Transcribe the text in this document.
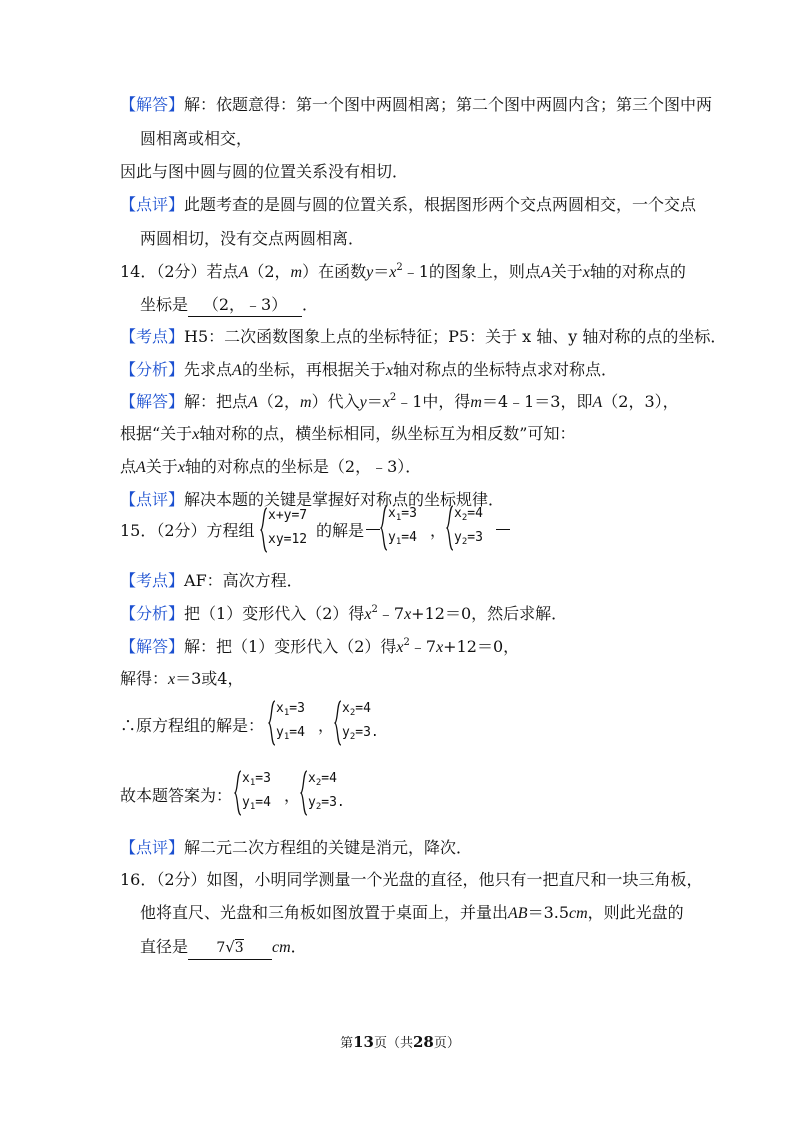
【解答】解：依题意得：第一个图中两圆相离；第二个图中两圆内含；第三个图中两
圆相离或相交，
因此与图中圆与圆的位置关系没有相切．
【点评】此题考查的是圆与圆的位置关系，根据图形两个交点两圆相交，一个交点
两圆相切，没有交点两圆相离．
14．（2分）若点A（2，m）在函数$y=x^2﹣1$的图象上，则点A关于x轴的对称点的
坐标是 （2，﹣3） ．
【考点】H5：二次函数图象上点的坐标特征；P5：关于 x 轴、y 轴对称的点的坐标．
【分析】先求点A的坐标，再根据关于x轴对称点的坐标特点求对称点．
【解答】解：把点A（2，m）代入$y=x^2﹣1$中，得m＝4﹣1＝3，即A（2，3），
根据“关于x轴对称的点，横坐标相同，纵坐标互为相反数”可知：
点A关于x轴的对称点的坐标是（2，﹣3）．
【点评】解决本题的关键是掌握好对称点的坐标规律．
15．（2分）方程组
x+y=7
xy=12 的解是
$x_1=3$
$y_1=4$ ，
$x_2=4$
$y_2=3$
【考点】AF：高次方程．
【分析】把（1）变形代入（2）得$x^2﹣7x+12=0$，然后求解．
【解答】解：把（1）变形代入（2）得$x^2﹣7x+12=0$，
解得：x＝3或4，
∴原方程组的解是：
$x_1=3$
$y_1=4$ ，
$x_2=4$
$y_2=3$.
故本题答案为：
$x_1=3$
$y_1=4$ ，
$x_2=4$
$y_2=3$.
【点评】解二元二次方程组的关键是消元，降次．
16．（2分）如图，小明同学测量一个光盘的直径，他只有一把直尺和一块三角板，
他将直尺、光盘和三角板如图放置于桌面上，并量出AB＝3.5cm，则此光盘的
直径是 7√3 cm．
第13页（共28页）
